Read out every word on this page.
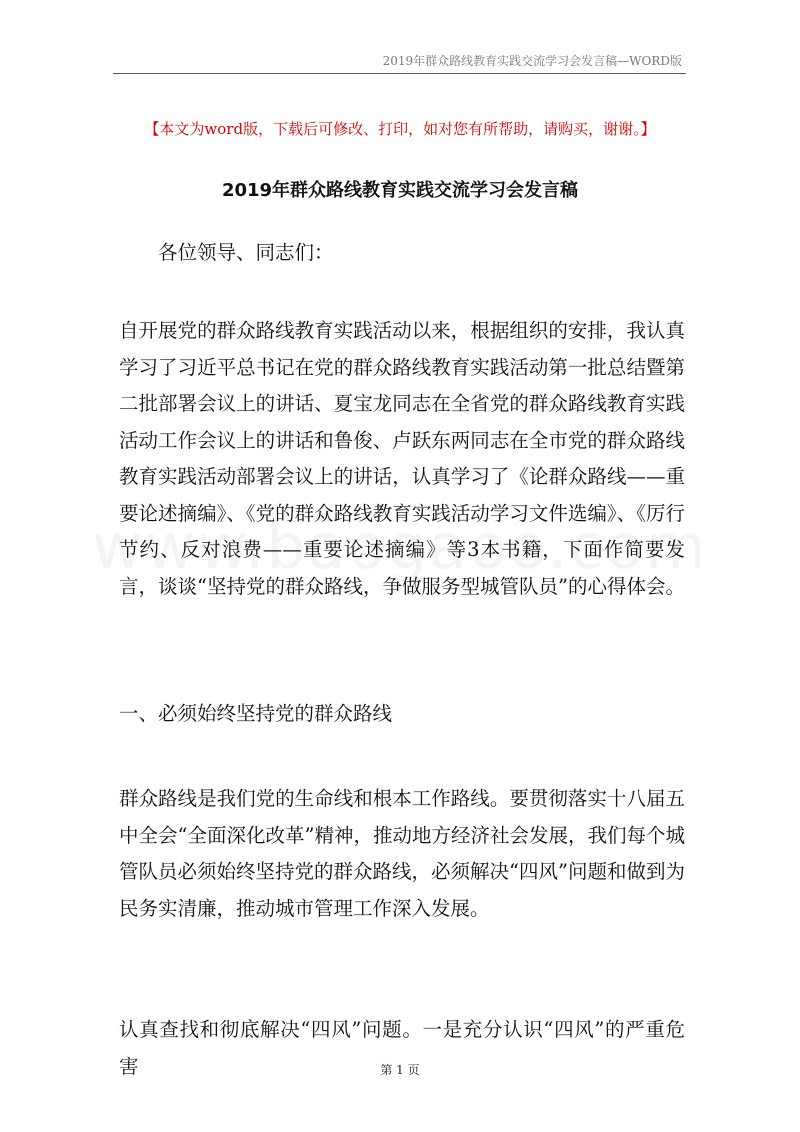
2019年群众路线教育实践交流学习会发言稿—WORD版
【本文为word版，下载后可修改、打印，如对您有所帮助，请购买，谢谢。】
2019年群众路线教育实践交流学习会发言稿

各位领导、同志们：

自开展党的群众路线教育实践活动以来，根据组织的安排，我认真学习了习近平总书记在党的群众路线教育实践活动第一批总结暨第二批部署会议上的讲话、夏宝龙同志在全省党的群众路线教育实践活动工作会议上的讲话和鲁俊、卢跃东两同志在全市党的群众路线教育实践活动部署会议上的讲话，认真学习了《论群众路线——重要论述摘编》、《党的群众路线教育实践活动学习文件选编》、《厉行节约、反对浪费——重要论述摘编》等3本书籍，下面作简要发言，谈谈“坚持党的群众路线，争做服务型城管队员”的心得体会。

一、必须始终坚持党的群众路线

群众路线是我们党的生命线和根本工作路线。要贯彻落实十八届五中全会“全面深化改革”精神，推动地方经济社会发展，我们每个城管队员必须始终坚持党的群众路线，必须解决“四风”问题和做到为民务实清廉，推动城市管理工作深入发展。

认真查找和彻底解决“四风”问题。一是充分认识“四风”的严重危害	第 1 页
